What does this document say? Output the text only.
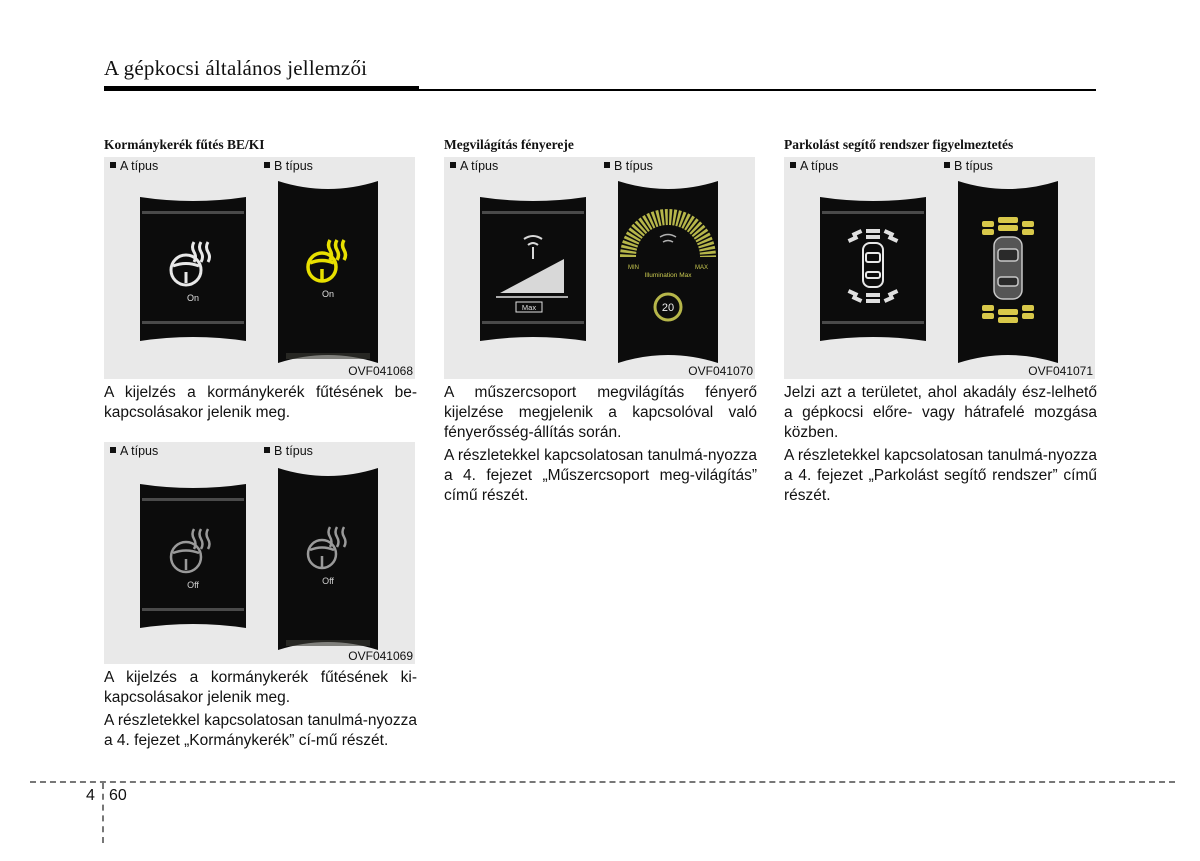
A gépkocsi általános jellemzői
Kormánykerék fűtés BE/KI
A típus	B típus
On	On
OVF041068

A kijelzés a kormánykerék fűtésének be-kapcsolásakor jelenik meg.

A típus	B típus
Off	Off
OVF041069

A kijelzés a kormánykerék fűtésének ki-kapcsolásakor jelenik meg.

A részletekkel kapcsolatosan tanulmá-nyozza a 4. fejezet „Kormánykerék” cí-mű részét.

Megvilágítás fényereje
A típus	B típus
Max
MIN	MAX
Illumination Max
20
OVF041070

A műszercsoport megvilágítás fényerő kijelzése megjelenik a kapcsolóval való fényerősség-állítás során.

A részletekkel kapcsolatosan tanulmá-nyozza a 4. fejezet „Műszercsoport meg-világítás” című részét.

Parkolást segítő rendszer figyelmeztetés
A típus	B típus
OVF041071

Jelzi azt a területet, ahol akadály ész-lelhető a gépkocsi előre- vagy hátrafelé mozgása közben.

A részletekkel kapcsolatosan tanulmá-nyozza a 4. fejezet „Parkolást segítő rendszer” című részét.

4 60
